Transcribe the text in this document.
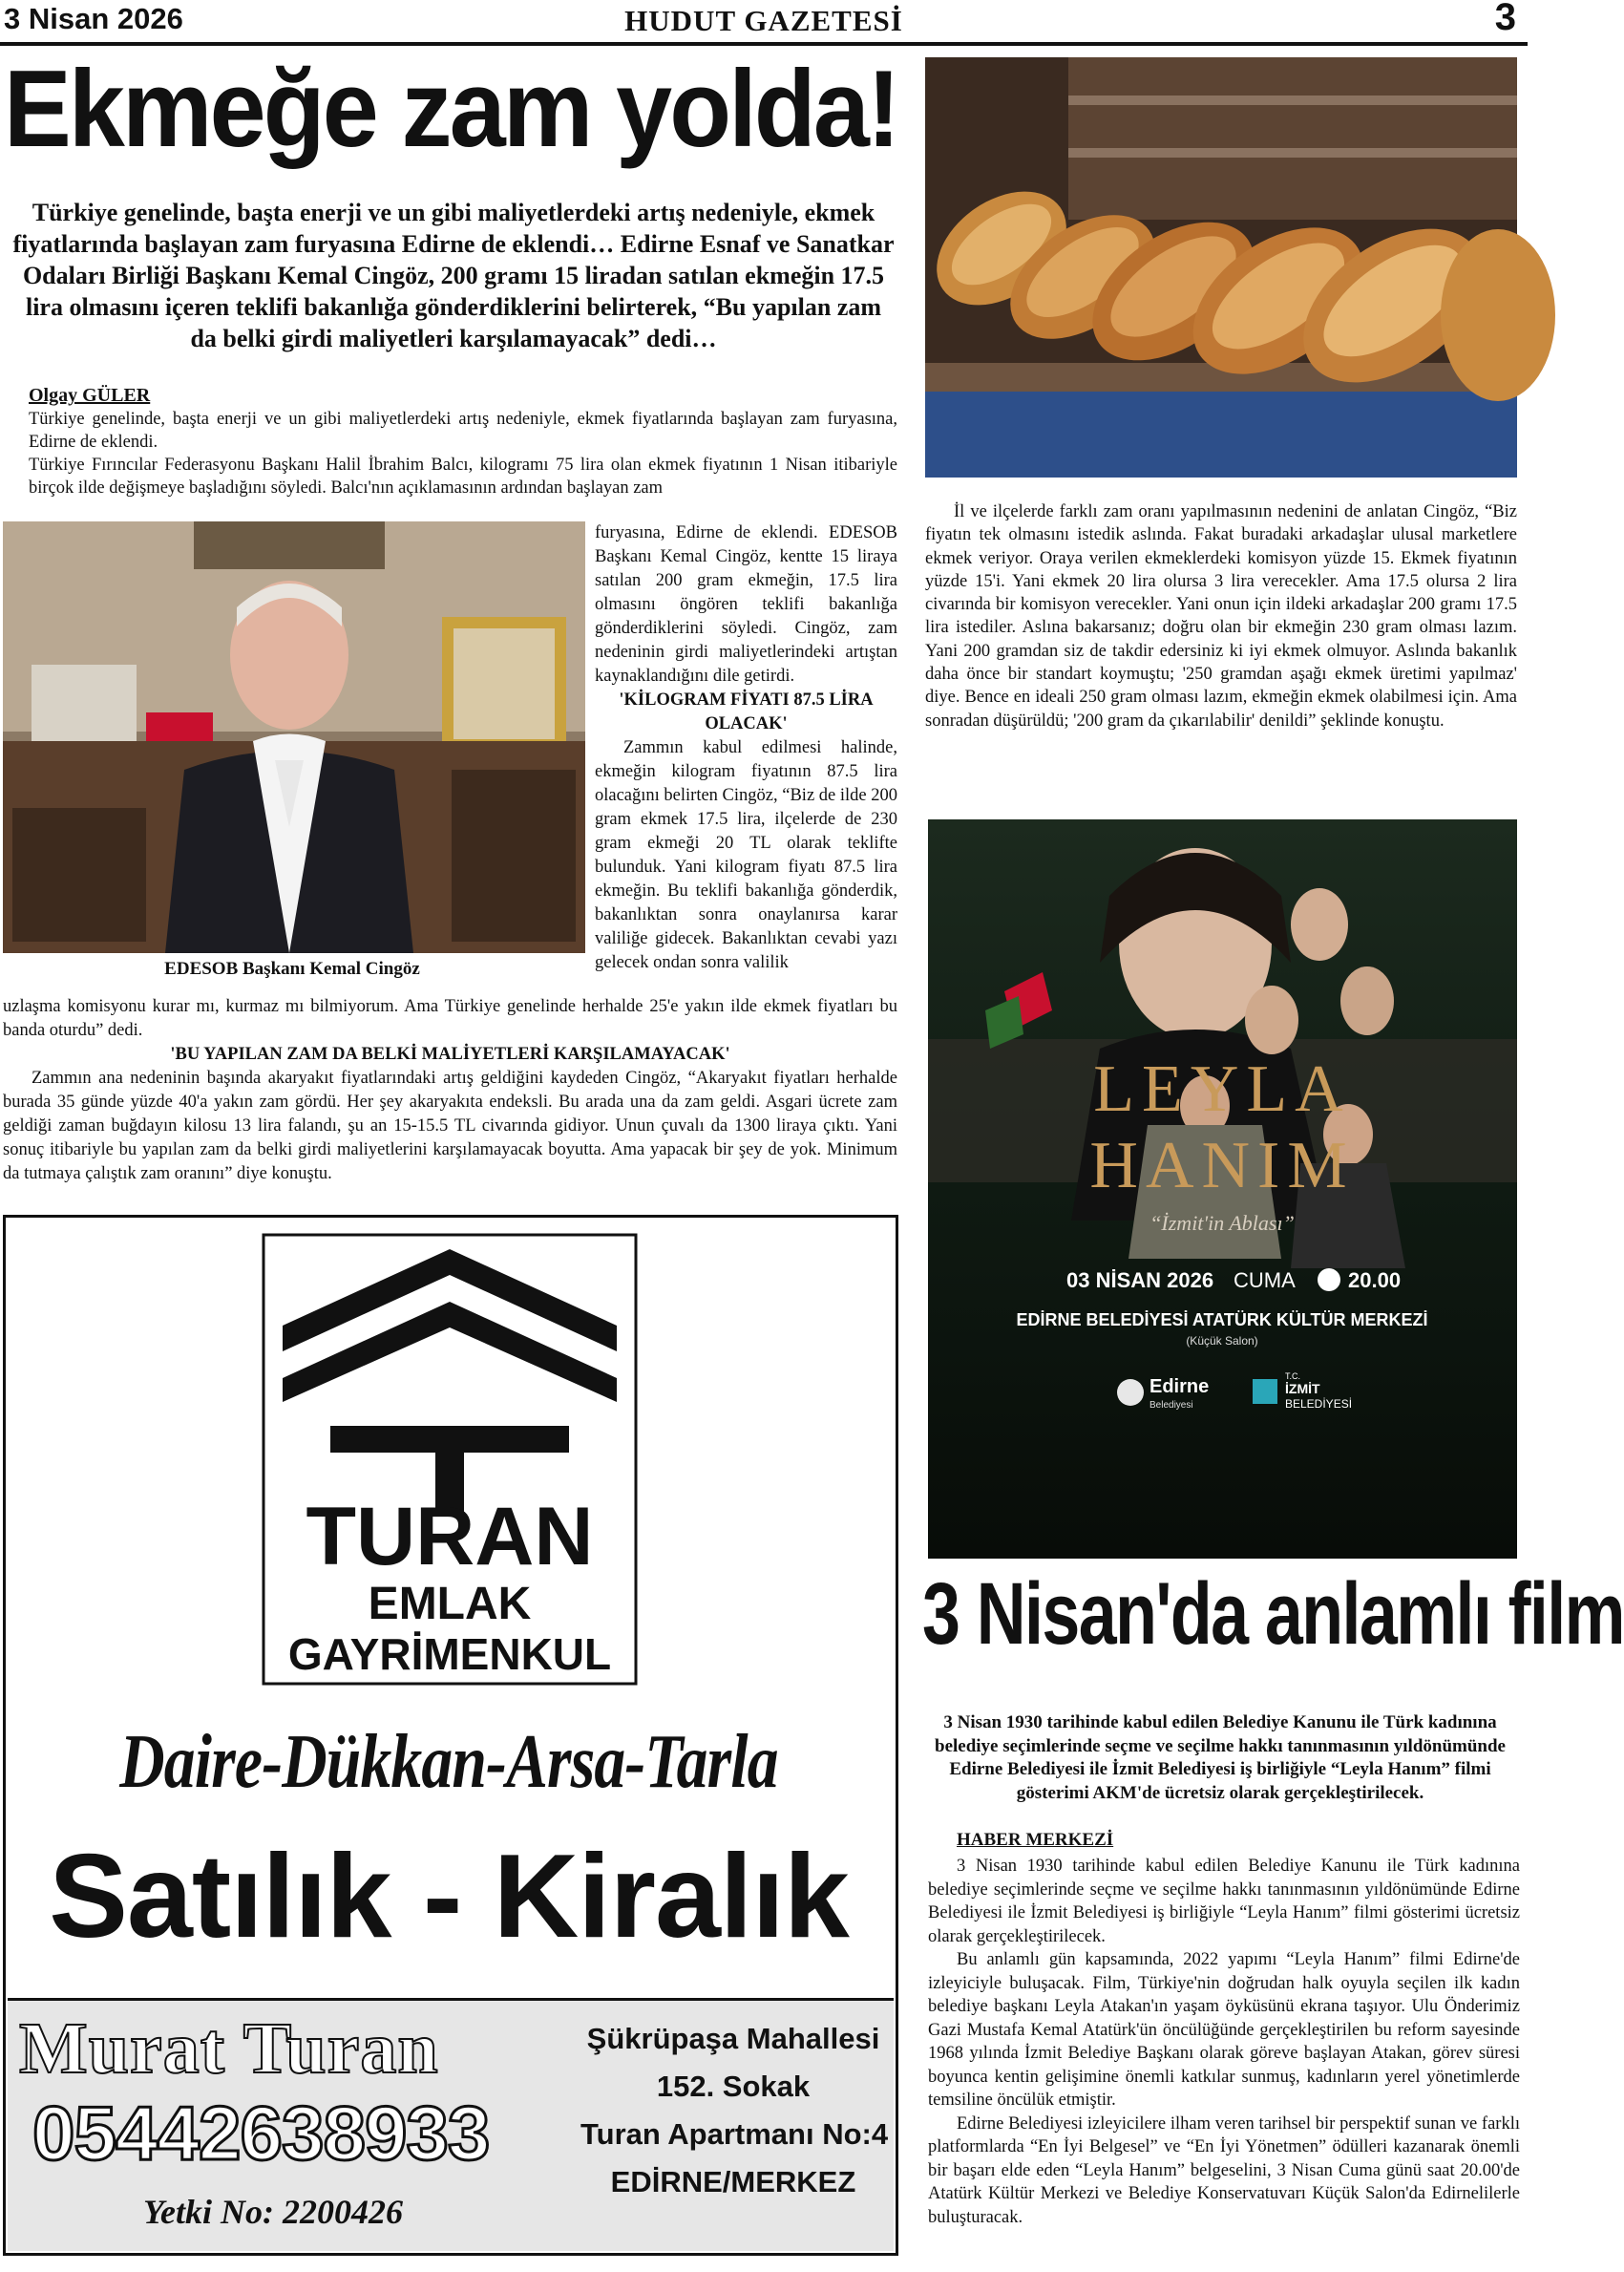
3 Nisan 2026	HUDUT GAZETESİ	3
Ekmeğe zam yolda!
Türkiye genelinde, başta enerji ve un gibi maliyetlerdeki artış nedeniyle, ekmek fiyatlarında başlayan zam furyasına Edirne de eklendi… Edirne Esnaf ve Sanatkar Odaları Birliği Başkanı Kemal Cingöz, 200 gramı 15 liradan satılan ekmeğin 17.5 lira olmasını içeren teklifi bakanlığa gönderdiklerini belirterek, “Bu yapılan zam da belki girdi maliyetleri karşılamayacak” dedi…
Olgay GÜLER

Türkiye genelinde, başta enerji ve un gibi maliyetlerdeki artış nedeniyle, ekmek fiyatlarında başlayan zam furyasına, Edirne de eklendi.

Türkiye Fırıncılar Federasyonu Başkanı Halil İbrahim Balcı, kilogramı 75 lira olan ekmek fiyatının 1 Nisan itibariyle birçok ilde değişmeye başladığını söyledi. Balcı'nın açıklamasının ardından başlayan zam

EDESOB Başkanı Kemal Cingöz

furyasına, Edirne de eklendi. EDESOB Başkanı Kemal Cingöz, kentte 15 liraya satılan 200 gram ekmeğin, 17.5 lira olmasını öngören teklifi bakanlığa gönderdiklerini söyledi. Cingöz, zam nedeninin girdi maliyetlerindeki artıştan kaynaklandığını dile getirdi.

'KİLOGRAM FİYATI 87.5 LİRA OLACAK'

Zammın kabul edilmesi halinde, ekmeğin kilogram fiyatının 87.5 lira olacağını belirten Cingöz, “Biz de ilde 200 gram ekmek 17.5 lira, ilçelerde de 230 gram ekmeği 20 TL olarak teklifte bulunduk. Yani kilogram fiyatı 87.5 lira ekmeğin. Bu teklifi bakanlığa gönderdik, bakanlıktan sonra onaylanırsa karar valiliğe gidecek. Bakanlıktan cevabi yazı gelecek ondan sonra valilik

uzlaşma komisyonu kurar mı, kurmaz mı bilmiyorum. Ama Türkiye genelinde herhalde 25'e yakın ilde ekmek fiyatları bu banda oturdu” dedi.

'BU YAPILAN ZAM DA BELKİ MALİYETLERİ KARŞILAMAYACAK'

Zammın ana nedeninin başında akaryakıt fiyatlarındaki artış geldiğini kaydeden Cingöz, “Akaryakıt fiyatları herhalde burada 35 günde yüzde 40'a yakın zam gördü. Her şey akaryakıta endeksli. Bu arada una da zam geldi. Asgari ücrete zam geldiği zaman buğdayın kilosu 13 lira falandı, şu an 15-15.5 TL civarında gidiyor. Unun çuvalı da 1300 liraya çıktı. Yani sonuç itibariyle bu yapılan zam da belki girdi maliyetlerini karşılamayacak boyutta. Ama yapacak bir şey de yok. Minimum da tutmaya çalıştık zam oranını” diye konuştu.

İl ve ilçelerde farklı zam oranı yapılmasının nedenini de anlatan Cingöz, “Biz fiyatın tek olmasını istedik aslında. Fakat buradaki arkadaşlar ulusal marketlere ekmek veriyor. Oraya verilen ekmeklerdeki komisyon yüzde 15. Ekmek fiyatının yüzde 15'i. Yani ekmek 20 lira olursa 3 lira verecekler. Ama 17.5 olursa 2 lira civarında bir komisyon verecekler. Yani onun için ildeki arkadaşlar 200 gramı 17.5 lira istediler. Aslına bakarsanız; doğru olan bir ekmeğin 230 gram olması lazım. Yani 200 gramdan siz de takdir edersiniz ki iyi ekmek olmuyor. Aslında bakanlık daha önce bir standart koymuştu; '250 gramdan aşağı ekmek üretimi yapılmaz' diye. Bence en ideali 250 gram olması lazım, ekmeğin ekmek olabilmesi için. Ama sonradan düşürüldü; '200 gram da çıkarılabilir' denildi” şeklinde konuştu.

LEYLA
HANIM
“İzmit'in Ablası”
03 NİSAN 2026 CUMA	20.00
EDİRNE BELEDİYESİ ATATÜRK KÜLTÜR MERKEZİ
(Küçük Salon)
Edirne
Belediyesi
T.C.
İZMİT
BELEDİYESİ
3 Nisan'da anlamlı film
3 Nisan 1930 tarihinde kabul edilen Belediye Kanunu ile Türk kadınına belediye seçimlerinde seçme ve seçilme hakkı tanınmasının yıldönümünde Edirne Belediyesi ile İzmit Belediyesi iş birliğiyle “Leyla Hanım” filmi gösterimi AKM'de ücretsiz olarak gerçekleştirilecek.
HABER MERKEZİ

3 Nisan 1930 tarihinde kabul edilen Belediye Kanunu ile Türk kadınına belediye seçimlerinde seçme ve seçilme hakkı tanınmasının yıldönümünde Edirne Belediyesi ile İzmit Belediyesi iş birliğiyle “Leyla Hanım” filmi gösterimi ücretsiz olarak gerçekleştirilecek.

Bu anlamlı gün kapsamında, 2022 yapımı “Leyla Hanım” filmi Edirne'de izleyiciyle buluşacak. Film, Türkiye'nin doğrudan halk oyuyla seçilen ilk kadın belediye başkanı Leyla Atakan'ın yaşam öyküsünü ekrana taşıyor. Ulu Önderimiz Gazi Mustafa Kemal Atatürk'ün öncülüğünde gerçekleştirilen bu reform sayesinde 1968 yılında İzmit Belediye Başkanı olarak göreve başlayan Atakan, görev süresi boyunca kentin gelişimine önemli katkılar sunmuş, kadınların yerel yönetimlerde temsiline öncülük etmiştir.

Edirne Belediyesi izleyicilere ilham veren tarihsel bir perspektif sunan ve farklı platformlarda “En İyi Belgesel” ve “En İyi Yönetmen” ödülleri kazanarak önemli bir başarı elde eden “Leyla Hanım” belgeselini, 3 Nisan Cuma günü saat 20.00'de Atatürk Kültür Merkezi ve Belediye Konservatuvarı Küçük Salon'da Edirnelilerle buluşturacak.

TURAN
EMLAK
GAYRİMENKUL
Daire-Dükkan-Arsa-Tarla
Satılık - Kiralık
Murat Turan
05442638933
Yetki No: 2200426
Şükrüpaşa Mahallesi
152. Sokak
Turan Apartmanı No:4
EDİRNE/MERKEZ
